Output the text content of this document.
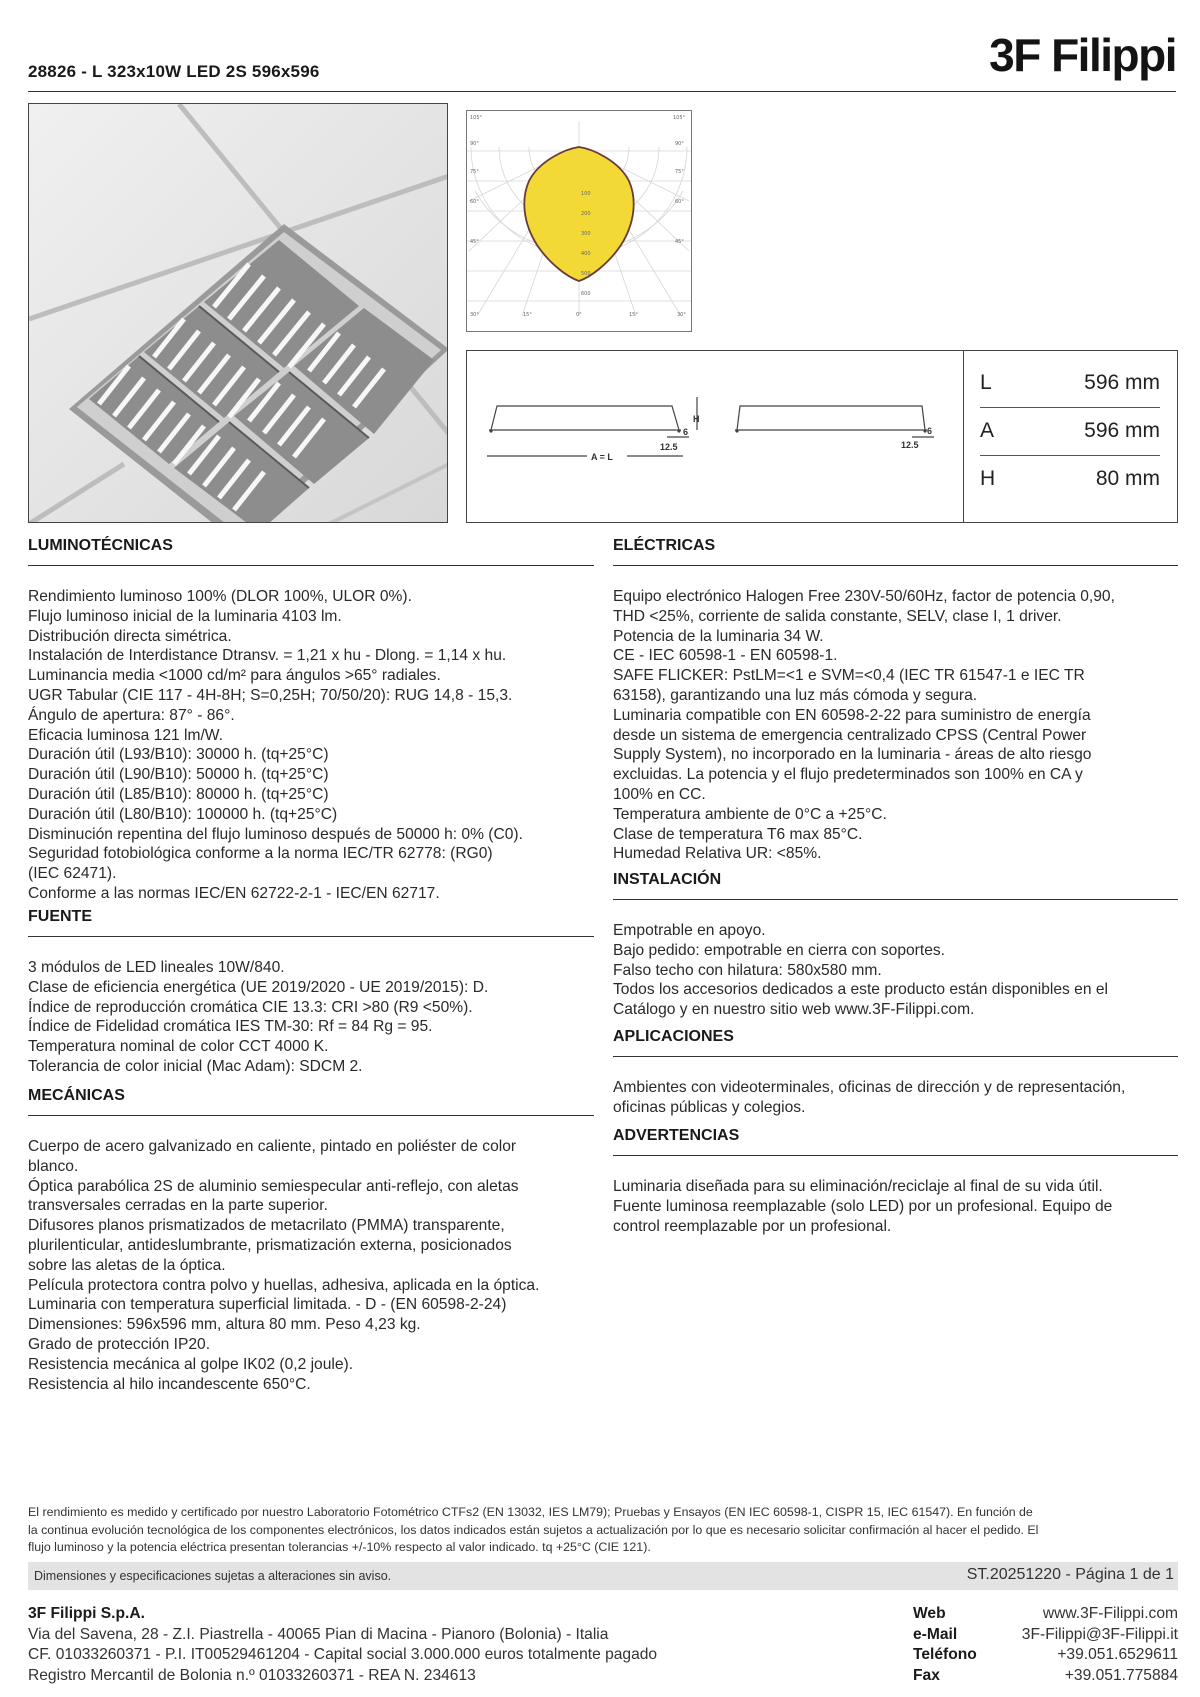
28826 - L 323x10W LED 2S 596x596	3F Filippi
105°
90°
75°
60°
45°
105°
90°
75°
60°
45°
30°	15°	0°	15°	30°
100
200
300
400
500
600
H
6	6
12.5	12.5
A = L
L	596 mm
A	596 mm
H	80 mm
LUMINOTÉCNICAS
Rendimiento luminoso 100% (DLOR 100%, ULOR 0%).
Flujo luminoso inicial de la luminaria 4103 lm.
Distribución directa simétrica.
Instalación de Interdistance Dtransv. = 1,21 x hu - Dlong. = 1,14 x hu.
Luminancia media <1000 cd/m² para ángulos >65° radiales.
UGR Tabular (CIE 117 - 4H-8H; S=0,25H; 70/50/20): RUG 14,8 - 15,3.
Ángulo de apertura: 87° - 86°.
Eficacia luminosa 121 lm/W.
Duración útil (L93/B10): 30000 h. (tq+25°C)
Duración útil (L90/B10): 50000 h. (tq+25°C)
Duración útil (L85/B10): 80000 h. (tq+25°C)
Duración útil (L80/B10): 100000 h. (tq+25°C)
Disminución repentina del flujo luminoso después de 50000 h: 0% (C0).
Seguridad fotobiológica conforme a la norma IEC/TR 62778: (RG0)
(IEC 62471).
Conforme a las normas IEC/EN 62722-2-1 - IEC/EN 62717.
FUENTE
3 módulos de LED lineales 10W/840.
Clase de eficiencia energética (UE 2019/2020 - UE 2019/2015): D.
Índice de reproducción cromática CIE 13.3: CRI >80 (R9 <50%).
Índice de Fidelidad cromática IES TM-30: Rf = 84 Rg = 95.
Temperatura nominal de color CCT 4000 K.
Tolerancia de color inicial (Mac Adam): SDCM 2.
MECÁNICAS
Cuerpo de acero galvanizado en caliente, pintado en poliéster de color
blanco.
Óptica parabólica 2S de aluminio semiespecular anti-reflejo, con aletas
transversales cerradas en la parte superior.
Difusores planos prismatizados de metacrilato (PMMA) transparente,
plurilenticular, antideslumbrante, prismatización externa, posicionados
sobre las aletas de la óptica.
Película protectora contra polvo y huellas, adhesiva, aplicada en la óptica.
Luminaria con temperatura superficial limitada. - D - (EN 60598-2-24)
Dimensiones: 596x596 mm, altura 80 mm. Peso 4,23 kg.
Grado de protección IP20.
Resistencia mecánica al golpe IK02 (0,2 joule).
Resistencia al hilo incandescente 650°C.
ELÉCTRICAS
Equipo electrónico Halogen Free 230V-50/60Hz, factor de potencia 0,90,
THD <25%, corriente de salida constante, SELV, clase I, 1 driver.
Potencia de la luminaria 34 W.
CE - IEC 60598-1 - EN 60598-1.
SAFE FLICKER: PstLM=<1 e SVM=<0,4 (IEC TR 61547-1 e IEC TR
63158), garantizando una luz más cómoda y segura.
Luminaria compatible con EN 60598-2-22 para suministro de energía
desde un sistema de emergencia centralizado CPSS (Central Power
Supply System), no incorporado en la luminaria - áreas de alto riesgo
excluidas. La potencia y el flujo predeterminados son 100% en CA y
100% en CC.
Temperatura ambiente de 0°C a +25°C.
Clase de temperatura T6 max 85°C.
Humedad Relativa UR: <85%.
INSTALACIÓN
Empotrable en apoyo.
Bajo pedido: empotrable en cierra con soportes.
Falso techo con hilatura: 580x580 mm.
Todos los accesorios dedicados a este producto están disponibles en el
Catálogo y en nuestro sitio web www.3F-Filippi.com.
APLICACIONES
Ambientes con videoterminales, oficinas de dirección y de representación,
oficinas públicas y colegios.
ADVERTENCIAS
Luminaria diseñada para su eliminación/reciclaje al final de su vida útil.
Fuente luminosa reemplazable (solo LED) por un profesional. Equipo de
control reemplazable por un profesional.
El rendimiento es medido y certificado por nuestro Laboratorio Fotométrico CTFs2 (EN 13032, IES LM79); Pruebas y Ensayos (EN IEC 60598-1, CISPR 15, IEC 61547). En función de
la continua evolución tecnológica de los componentes electrónicos, los datos indicados están sujetos a actualización por lo que es necesario solicitar confirmación al hacer el pedido. El
flujo luminoso y la potencia eléctrica presentan tolerancias +/-10% respecto al valor indicado. tq +25°C (CIE 121).
Dimensiones y especificaciones sujetas a alteraciones sin aviso.	ST.20251220 - Página 1 de 1
3F Filippi S.p.A.
Via del Savena, 28 - Z.I. Piastrella - 40065 Pian di Macina - Pianoro (Bolonia) - Italia
CF. 01033260371 - P.I. IT00529461204 - Capital social 3.000.000 euros totalmente pagado
Registro Mercantil de Bolonia n.º 01033260371 - REA N. 234613
Web	www.3F-Filippi.com
e-Mail	3F-Filippi@3F-Filippi.it
Teléfono	+39.051.6529611
Fax	+39.051.775884
